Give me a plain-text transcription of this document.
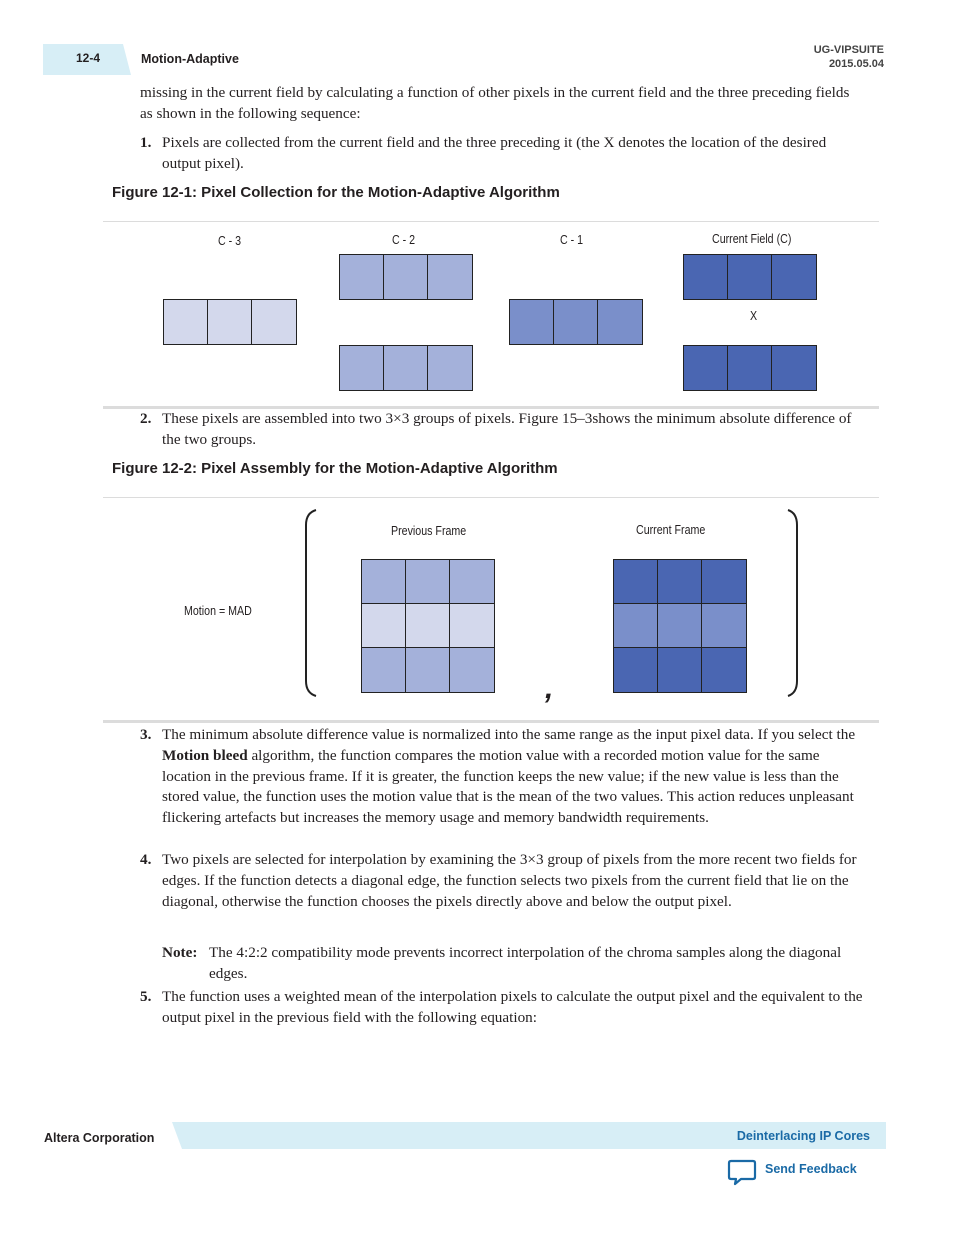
12-4	Motion-Adaptive
UG-VIPSUITE
2015.05.04
missing in the current field by calculating a function of other pixels in the current field and the three preceding fields as shown in the following sequence:
1. Pixels are collected from the current field and the three preceding it (the X denotes the location of the desired output pixel).
Figure 12-1: Pixel Collection for the Motion-Adaptive Algorithm
C - 3	C - 2	C - 1	Current Field (C)
X
2. These pixels are assembled into two 3×3 groups of pixels. Figure 15–3shows the minimum absolute difference of the two groups.
Figure 12-2: Pixel Assembly for the Motion-Adaptive Algorithm
Motion = MAD
Previous Frame	Current Frame
,
3. The minimum absolute difference value is normalized into the same range as the input pixel data. If you select the Motion bleed algorithm, the function compares the motion value with a recorded motion value for the same location in the previous frame. If it is greater, the function keeps the new value; if the new value is less than the stored value, the function uses the motion value that is the mean of the two values. This action reduces unpleasant flickering artefacts but increases the memory usage and memory bandwidth requirements.
4. Two pixels are selected for interpolation by examining the 3×3 group of pixels from the more recent two fields for edges. If the function detects a diagonal edge, the function selects two pixels from the current field that lie on the diagonal, otherwise the function chooses the pixels directly above and below the output pixel.
Note: The 4:2:2 compatibility mode prevents incorrect interpolation of the chroma samples along the diagonal edges.
5. The function uses a weighted mean of the interpolation pixels to calculate the output pixel and the equivalent to the output pixel in the previous field with the following equation:
Altera Corporation	Deinterlacing IP Cores
Send Feedback
